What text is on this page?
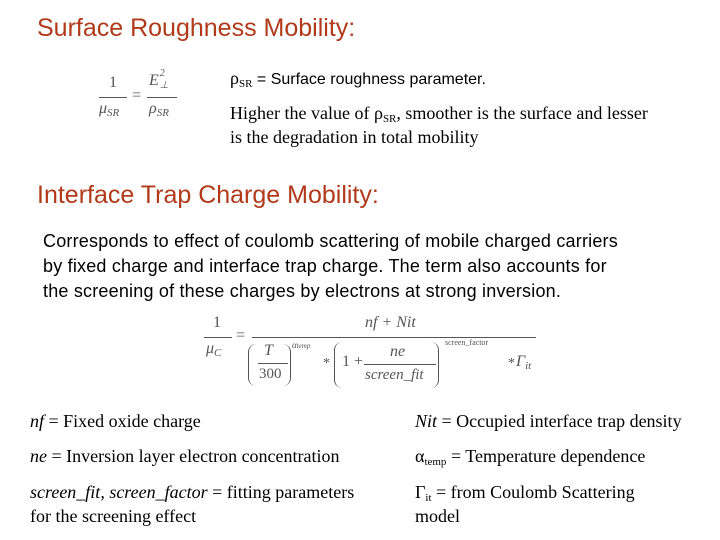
Surface Roughness Mobility:
1
$\mu_{SR}$
=
E 2
⊥
$\rho_{SR}$
$\rho_{SR}$ = Surface roughness parameter.
Higher the value of $\rho_{SR}$, smoother is the surface and lesser
is the degradation in total mobility
Interface Trap Charge Mobility:
Corresponds to effect of coulomb scattering of mobile charged carriers
by fixed charge and interface trap charge. The term also accounts for
the screening of these charges by electrons at strong inversion.
1
$\mu_C$
=
nf + Nit
T
300
αtemp
* 1 +
ne
screen_fit
screen_factor
* $\Gamma_{it}$
nf = Fixed oxide charge	Nit = Occupied interface trap density
ne = Inversion layer electron concentration	$\alpha_{temp}$ = Temperature dependence
screen_fit, screen_factor = fitting parameters
for the screening effect
$\Gamma_{it}$ = from Coulomb Scattering
model
